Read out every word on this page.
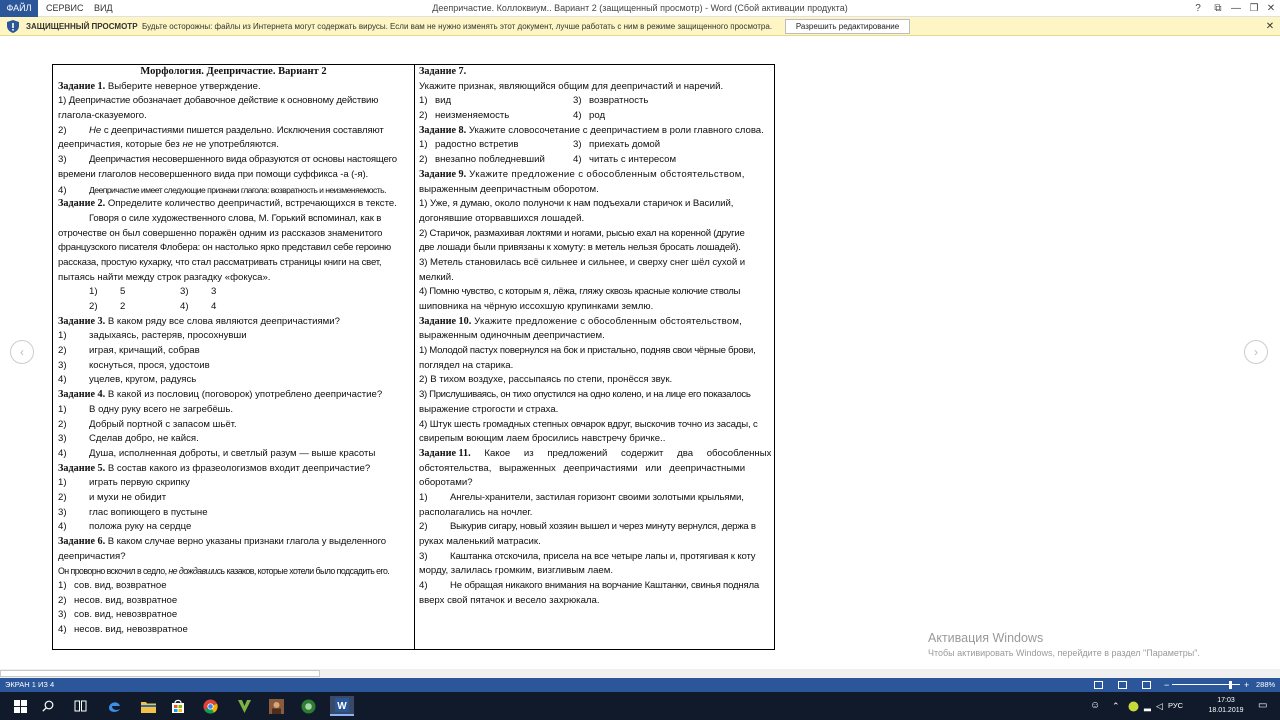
ФАЙЛ	СЕРВИС	ВИД	Деепричастие. Коллоквиум.. Вариант 2 (защищенный просмотр) - Word (Сбой активации продукта)	?	⧉ — ❐ ✕
ЗАЩИЩЕННЫЙ ПРОСМОТР Будьте осторожны: файлы из Интернета могут содержать вирусы. Если вам не нужно изменять этот документ, лучше работать с ним в режиме защищенного просмотра.	Разрешить редактирование	✕
‹	›
Морфология. Деепричастие. Вариант 2
Задание 1. Выберите неверное утверждение.
1) Деепричастие обозначает добавочное действие к основному действию
глагола-сказуемого.
2) Не с деепричастиями пишется раздельно. Исключения составляют
деепричастия, которые без не не употребляются.
3) Деепричастия несовершенного вида образуются от основы настоящего
времени глаголов несовершенного вида при помощи суффикса -а (-я).
4)	Деепричастие имеет следующие признаки глагола: возвратность и неизменяемость.
Задание 2. Определите количество деепричастий, встречающихся в тексте.
Говоря о силе художественного слова, М. Горький вспоминал, как в
отрочестве он был совершенно поражён одним из рассказов знаменитого
французского писателя Флобера: он настолько ярко представил себе героиню
рассказа, простую кухарку, что стал рассматривать страницы книги на свет,
пытаясь найти между строк разгадку «фокуса».
1) 5	3) 3
2) 2	4) 4
Задание 3. В каком ряду все слова являются деепричастиями?
1) задыхаясь, растеряв, просохнувши
2) играя, кричащий, собрав
3) коснуться, прося, удостоив
4) уцелев, кругом, радуясь
Задание 4. В какой из пословиц (поговорок) употреблено деепричастие?
1) В одну руку всего не загребёшь.
2) Добрый портной с запасом шьёт.
3) Сделав добро, не кайся.
4) Душа, исполненная доброты, и светлый разум — выше красоты
Задание 5. В состав какого из фразеологизмов входит деепричастие?
1) играть первую скрипку
2) и мухи не обидит
3) глас вопиющего в пустыне
4) положа руку на сердце
Задание 6. В каком случае верно указаны признаки глагола у выделенного
деепричастия?
Он проворно вскочил в седло, не дождавшись казаков, которые хотели было подсадить его.
1) сов. вид, возвратное
2) несов. вид, возвратное
3) сов. вид, невозвратное
4) несов. вид, невозвратное
Задание 7.
Укажите признак, являющийся общим для деепричастий и наречий.
1) вид	3) возвратность
2) неизменяемость	4) род
Задание 8. Укажите словосочетание с деепричастием в роли главного слова.
1) радостно встретив	3) приехать домой
2) внезапно побледневший	4) читать с интересом
Задание 9. Укажите предложение с обособленным обстоятельством,
выраженным деепричастным оборотом.
1) Уже, я думаю, около полуночи к нам подъехали старичок и Василий,
догонявшие оторвавшихся лошадей.
2) Старичок, размахивая локтями и ногами, рысью ехал на коренной (другие
две лошади были привязаны к хомуту: в метель нельзя бросать лошадей).
3) Метель становилась всё сильнее и сильнее, и сверху снег шёл сухой и
мелкий.
4) Помню чувство, с которым я, лёжа, гляжу сквозь красные колючие стволы
шиповника на чёрную иссохшую крупинками землю.
Задание 10. Укажите предложение с обособленным обстоятельством,
выраженным одиночным деепричастием.
1) Молодой пастух повернулся на бок и пристально, подняв свои чёрные брови,
поглядел на старика.
2) В тихом воздухе, рассыпаясь по степи, пронёсся звук.
3) Прислушиваясь, он тихо опустился на одно колено, и на лице его показалось
выражение строгости и страха.
4) Штук шесть громадных степных овчарок вдруг, выскочив точно из засады, с
свирепым воющим лаем бросились навстречу бричке..
Задание 11. Какое из предложений содержит два обособленных
обстоятельства, выраженных деепричастиями или деепричастными
оборотами?
1) Ангелы-хранители, застилая горизонт своими золотыми крыльями,
располагались на ночлег.
2) Выкурив сигару, новый хозяин вышел и через минуту вернулся, держа в
руках маленький матрасик.
3) Каштанка отскочила, присела на все четыре лапы и, протягивая к коту
морду, залилась громким, визгливым лаем.
4) Не обращая никакого внимания на ворчание Каштанки, свинья подняла
вверх свой пятачок и весело захрюкала.
Активация Windows
Чтобы активировать Windows, перейдите в раздел "Параметры".
ЭКРАН 1 ИЗ 4	−	+ 288%
W	☺ ⌃	▂ ◁ РУС
17:03
18.01.2019 ▭
